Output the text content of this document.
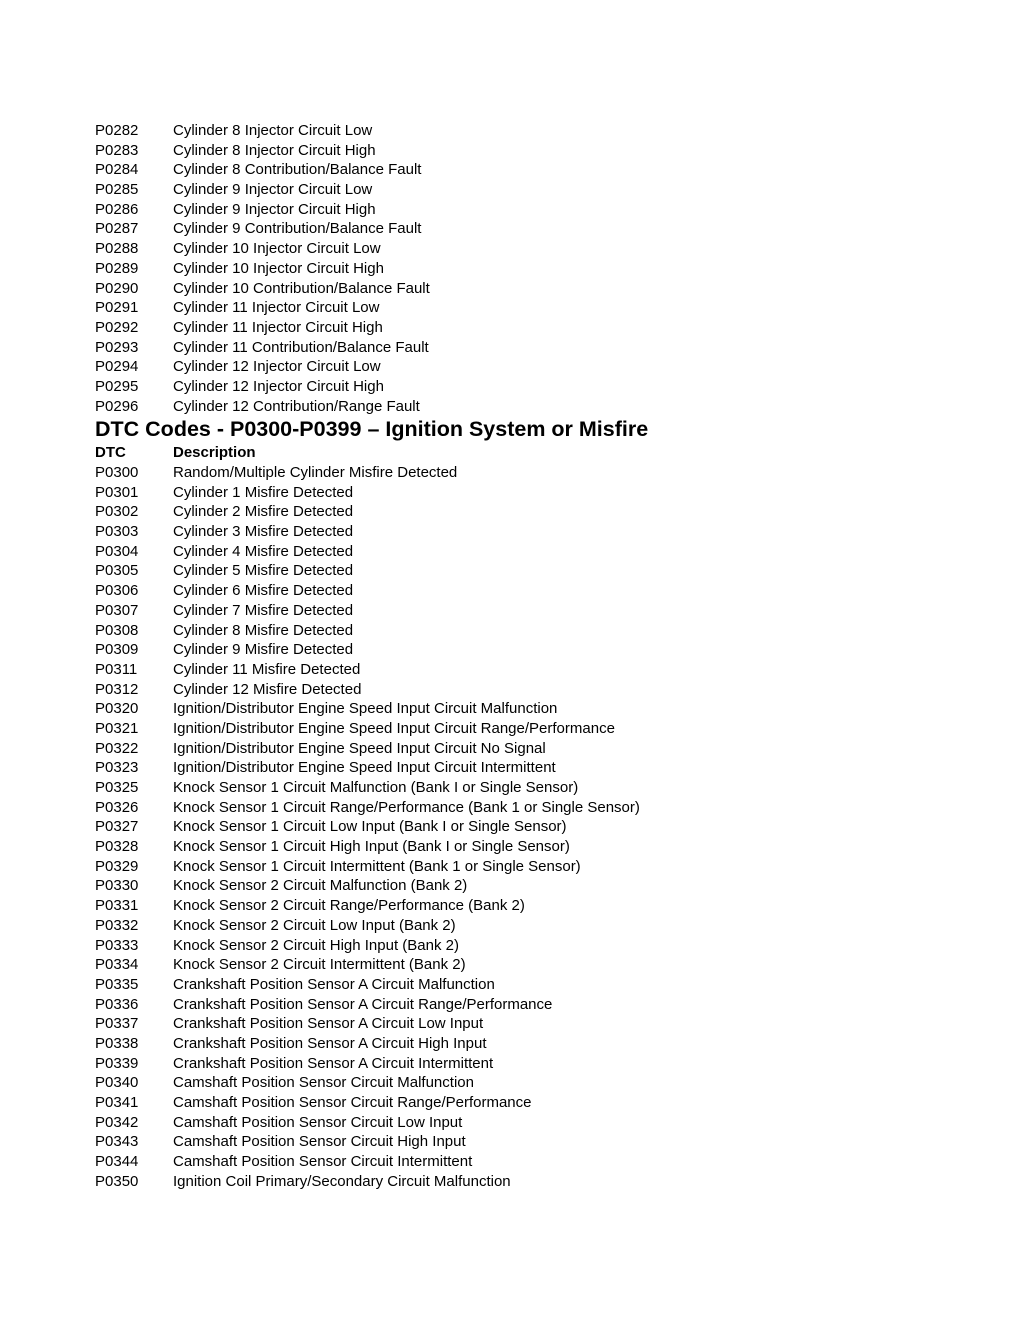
P0282	Cylinder 8 Injector Circuit Low
P0283	Cylinder 8 Injector Circuit High
P0284	Cylinder 8 Contribution/Balance Fault
P0285	Cylinder 9 Injector Circuit Low
P0286	Cylinder 9 Injector Circuit High
P0287	Cylinder 9 Contribution/Balance Fault
P0288	Cylinder 10 Injector Circuit Low
P0289	Cylinder 10 Injector Circuit High
P0290	Cylinder 10 Contribution/Balance Fault
P0291	Cylinder 11 Injector Circuit Low
P0292	Cylinder 11 Injector Circuit High
P0293	Cylinder 11 Contribution/Balance Fault
P0294	Cylinder 12 Injector Circuit Low
P0295	Cylinder 12 Injector Circuit High
P0296	Cylinder 12 Contribution/Range Fault
DTC Codes - P0300-P0399 – Ignition System or Misfire
DTC	Description
P0300	Random/Multiple Cylinder Misfire Detected
P0301	Cylinder 1 Misfire Detected
P0302	Cylinder 2 Misfire Detected
P0303	Cylinder 3 Misfire Detected
P0304	Cylinder 4 Misfire Detected
P0305	Cylinder 5 Misfire Detected
P0306	Cylinder 6 Misfire Detected
P0307	Cylinder 7 Misfire Detected
P0308	Cylinder 8 Misfire Detected
P0309	Cylinder 9 Misfire Detected
P0311	Cylinder 11 Misfire Detected
P0312	Cylinder 12 Misfire Detected
P0320	Ignition/Distributor Engine Speed Input Circuit Malfunction
P0321	Ignition/Distributor Engine Speed Input Circuit Range/Performance
P0322	Ignition/Distributor Engine Speed Input Circuit No Signal
P0323	Ignition/Distributor Engine Speed Input Circuit Intermittent
P0325	Knock Sensor 1 Circuit Malfunction (Bank I or Single Sensor)
P0326	Knock Sensor 1 Circuit Range/Performance (Bank 1 or Single Sensor)
P0327	Knock Sensor 1 Circuit Low Input (Bank I or Single Sensor)
P0328	Knock Sensor 1 Circuit High Input (Bank I or Single Sensor)
P0329	Knock Sensor 1 Circuit Intermittent (Bank 1 or Single Sensor)
P0330	Knock Sensor 2 Circuit Malfunction (Bank 2)
P0331	Knock Sensor 2 Circuit Range/Performance (Bank 2)
P0332	Knock Sensor 2 Circuit Low Input (Bank 2)
P0333	Knock Sensor 2 Circuit High Input (Bank 2)
P0334	Knock Sensor 2 Circuit Intermittent (Bank 2)
P0335	Crankshaft Position Sensor A Circuit Malfunction
P0336	Crankshaft Position Sensor A Circuit Range/Performance
P0337	Crankshaft Position Sensor A Circuit Low Input
P0338	Crankshaft Position Sensor A Circuit High Input
P0339	Crankshaft Position Sensor A Circuit Intermittent
P0340	Camshaft Position Sensor Circuit Malfunction
P0341	Camshaft Position Sensor Circuit Range/Performance
P0342	Camshaft Position Sensor Circuit Low Input
P0343	Camshaft Position Sensor Circuit High Input
P0344	Camshaft Position Sensor Circuit Intermittent
P0350	Ignition Coil Primary/Secondary Circuit Malfunction
